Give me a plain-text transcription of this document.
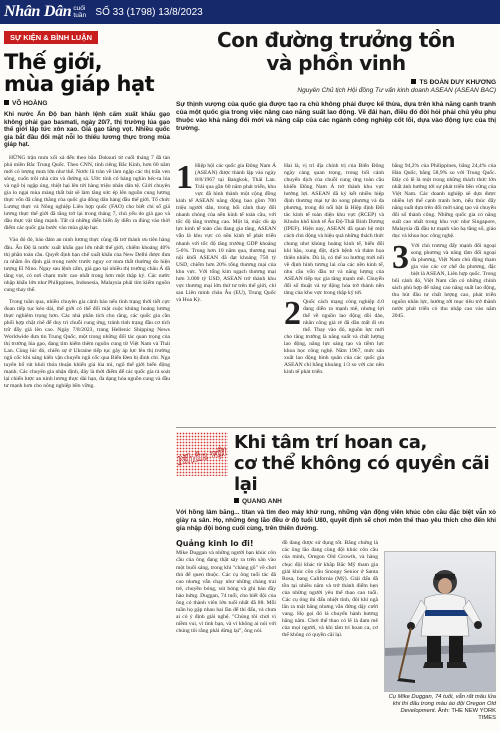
Nhân Dân cuối tuần SỐ 33 (1798) 13/8/2023
SỰ KIỆN & BÌNH LUẬN
Thế giới,
mùa giáp hạt
VÕ HOÀNG
Khi nước Ấn Độ ban hành lệnh cấm xuất khẩu gạo không phải gạo basmati, ngày 20/7, thị trường lúa gạo thế giới lập tức xôn xao. Giá gạo tăng vọt. Nhiều quốc gia bắt đầu đối mặt nỗi lo thiếu lương thực trong mùa giáp hạt.

HỮNG trận mưa xối xả đến theo bão Doksuri từ cuối tháng 7 đã tàn phá miền Bắc Trung Quốc. Theo CNN, tính riêng Bắc Kinh, hơn 60 năm mới có lượng mưa lớn như thế. Nước lũ tràn về làm ngập các thị trấn ven sông, cuốn trôi nhà cửa và đường sá. Ước tính có hàng nghìn héc-ta lúa và ngô bị ngập úng, thiệt hại lên tới hàng triệu nhân dân tệ. Giới chuyên gia lo ngại mùa màng thất bát sẽ làm tăng sức ép lên nguồn cung lương thực vốn đã căng thẳng của quốc gia đông dân hàng đầu thế giới. Tổ chức Lương thực và Nông nghiệp Liên hợp quốc (FAO) cho biết chỉ số giá lương thực thế giới đã tăng trở lại trong tháng 7, chủ yếu do giá gạo và dầu thực vật tăng mạnh. Tất cả những diễn biến ấy diễn ra đúng vào thời điểm các quốc gia bước vào mùa giáp hạt.

Vào đó đó, báo đảm an ninh lương thực cũng đã trở thành ưu tiên hàng đầu. Ấn Độ là nước xuất khẩu gạo lớn nhất thế giới, chiếm khoảng 40% thị phần toàn cầu. Quyết định hạn chế xuất khẩu của New Delhi được đưa ra nhằm ổn định giá trong nước trước nguy cơ mưa thất thường do hiện tượng El Nino. Ngay sau lệnh cấm, giá gạo tại nhiều thị trường châu Á đã tăng vọt, có nơi chạm mức cao nhất trong hơn một thập kỷ. Các nước nhập khẩu lớn như Philippines, Indonesia, Malaysia phải tìm kiếm nguồn cung thay thế.

Trong tuần qua, nhiều chuyên gia cảnh báo nếu tình trạng thời tiết cực đoan tiếp tục kéo dài, thế giới có thể đối mặt cuộc khủng hoảng lương thực nghiêm trọng hơn. Các nhà phân tích cho rằng, các quốc gia cần phối hợp chặt chẽ để duy trì chuỗi cung ứng, tránh tình trạng đầu cơ tích trữ đẩy giá lên cao. Ngày 7/8/2023, trang Hellenic Shipping News Worldwide đưa tin Trung Quốc, một trong những đối tác quan trọng của thị trường lúa gạo, đang tìm kiếm thêm nguồn cung từ Việt Nam và Thái Lan. Cùng lúc đó, chiến sự ở Ukraine tiếp tục gây áp lực lên thị trường ngũ cốc khi sáng kiến vận chuyển ngũ cốc qua Biển Đen bị đình chỉ. Nga tuyên bố rút khỏi thỏa thuận khiến giá lúa mì, ngô thế giới biến động mạnh. Các chuyên gia nhận định, đây là thời điểm để các quốc gia rà soát lại chiến lược an ninh lương thực dài hạn, đa dạng hóa nguồn cung và đầu tư mạnh hơn cho nông nghiệp bền vững.

Con đường trưởng tồn
và phồn vinh
TS ĐOÀN DUY KHƯƠNG
Nguyên Chủ tịch Hội đồng Tư vấn kinh doanh ASEAN (ASEAN BAC)
Sự thịnh vượng của quốc gia được tạo ra chủ không phải được kế thừa, dựa trên khả năng cạnh tranh của một quốc gia trong việc nâng cao năng suất lao động. Về đâi hạn, điều đó đòi hỏi phải chủ yêu phụ thuộc vào khả năng đổi mới và năng cấp của các ngành công nghiệp cốt lõi, dựa vào động lực của thị trường.
1 Hiệp hội các quốc gia Đông Nam Á (ASEAN) được thành lập vào ngày 8/8/1967 tại Bangkok, Thái Lan. Trải qua gần 60 năm phát triển, khu vực đã hình thành một cộng đồng kinh tế ASEAN năng động bao gồm 700 triệu người dân, trong bối cảnh thay đổi nhanh chóng của nền kinh tế toàn cầu, với tốc độ tăng trưởng cao. Một lá, mặc dù áp lực kinh tế toàn cầu đang gia tăng, ASEAN vẫn là khu vực có nền kinh tế phát triển nhanh với tốc độ tăng trưởng GDP khoảng 5-6%. Trong hơn 10 năm qua, thương mại nội khối ASEAN đã đạt khoảng 750 tỷ USD, chiếm hơn 20% tổng thương mại của khu vực. Với tổng kim ngạch thương mại hơn 3.000 tỷ USD, ASEAN trở thành khu vực thương mại lớn thứ tư trên thế giới, chỉ sau Liên minh châu Âu (EU), Trung Quốc và Hoa Kỳ.
Hai là, vị trí địa chính trị của Biển Đông ngày càng quan trọng, trong bối cảnh chuyển dịch của chuỗi cung ứng toàn cầu khiến Đông Nam Á trở thành khu vực hưởng lợi. ASEAN đã ký kết nhiều hiệp định thương mại tự do song phương và đa phương, trong đó nổi bật là Hiệp định Đối tác kinh tế toàn diện khu vực (RCEP) và Khuôn khổ kinh tế Ấn Độ-Thái Bình Dương (IPEF). Hiện nay, ASEAN đã quan hệ một cách chủ động và hiệu quả những thách thức chung như khủng hoảng kinh tế, biến đổi khí hậu, xung đột, dịch bệnh và thảm họa thiên nhiên. Dù là, có thể xu hướng mới nổi về định hình tương lai của các nền kinh tế, nhu cầu vốn đầu tư và năng lượng của ASEAN tiếp tục gia tăng mạnh mẽ. Chuyển đổi số thuật và tự động hóa trở thành nền tảng của khu vực trong thập kỷ tới.
2 Quốc cách mạng công nghiệp 4.0 đang diễn ra mạnh mẽ, nhưng lợi thế về nguồn lao động dồi dào, nhân công giá rẻ đã dần mất đi ưu thế. Thay vào đó, nguồn lực mới cho tăng trưởng là năng suất và chất lượng lao động, năng lực sáng tạo và tiềm lực khoa học công nghệ. Năm 1967, mức sản xuất lao động bình quân của các quốc gia ASEAN chỉ bằng khoảng 1/3 so với các nền kinh tế phát triển.
bằng 94,2% của Philippines, bằng 24,4% của Hàn Quốc, bằng 58,9% so với Trung Quốc. Đây có lẽ là một trong những thách thức lớn nhất ảnh hưởng tới sự phát triển bền vững của Việt Nam. Các doanh nghiệp sẽ dựa được nhiều lợi thế cạnh tranh hơn, nếu thúc đẩy năng suất dựa trên đổi mới sáng tạo và chuyển đổi số thành công. Những quốc gia có năng suất cao nhất trong khu vực như Singapore, Malaysia đã đầu tư mạnh vào hạ tầng số, giáo dục và khoa học công nghệ.
3 Với chủ trương đẩy mạnh đổi ngoại song phương và nâng tầm đối ngoại đa phương, Việt Nam chủ động tham gia vào các cơ chế đa phương, đặc biệt là ASEAN, Liên hợp quốc. Trong bối cảnh đó, Việt Nam cần có những chính sách phù hợp để nâng cao năng suất lao động, thu hút đầu tư chất lượng cao, phát triển nguồn nhân lực, hướng tới mục tiêu trở thành nước phát triển có thu nhập cao vào năm 2045.
Nhân vật
Khi tâm trí hoan ca,
cơ thể không có quyền cãi lại
QUANG ANH
Với hồng lâm băng... titan và tim đeo máy khử rung, những vận động viên khúc côn cầu đặc biệt vẫn xỏ giày ra sân. Họ, những ông lão đều ở độ tuổi U80, quyết định sẽ chơi môn thể thao yêu thích cho đến khi gia nhập đội bóng cuối cùng, trên thiên đường.
Quảng kinh lo đi!
Mike Duggan và những người bạn khúc côn cầu của ông đang thật sảy ra trên sân vào một buổi sáng, trong khi "chàng gõ" về chơi thủ để quen thuộc. Các cụ ông tuổi tác đã cao nhưng vẫn chạy như những chàng trai trẻ, chuyền bóng, sút bóng và ghi bàn đầy hào hứng. Duggan, 74 tuổi, cho biết đội của ông có thành viên lớn tuổi nhất đã 88. Mỗi tuần họ gặp nhau hai lần để thi đấu, và chưa ai có ý định giải nghệ. "Chúng tôi chơi vì niềm vui, vì tình bạn, và vì không ai nói với chúng tôi rằng phải dừng lại", ông nói.
đồ đang được sử dụng tốt. Bằng chứng là các ông lão đang cùng đội khúc côn cầu của mình, Oregon Old Growth, và hàng chục đội khác từ khắp Bắc Mỹ tham gia giải khúc côn cầu Snoopy Senior ở Santa Rosa, bang California (Mỹ). Giải đấu đã tồn tại nhiều năm và trở thành điểm hẹn của những người yêu thể thao cao tuổi. Các cụ ông thi đấu nhiệt tình, đôi khi ngã lăn ra mặt băng nhưng vẫn đứng dậy cười vang. Họ gọi đó là chuyến hành hương hằng năm. Chơi thể thao có lẽ là đam mê của mọi người, và khi tâm trí hoan ca, cơ thể không có quyền cãi lại.
Cụ Mike Duggan, 74 tuổi, vẫn rất mâu lửa khi thi đấu trong màu áo đội Oregon Old Development. Ảnh: THE NEW YORK TIMES
